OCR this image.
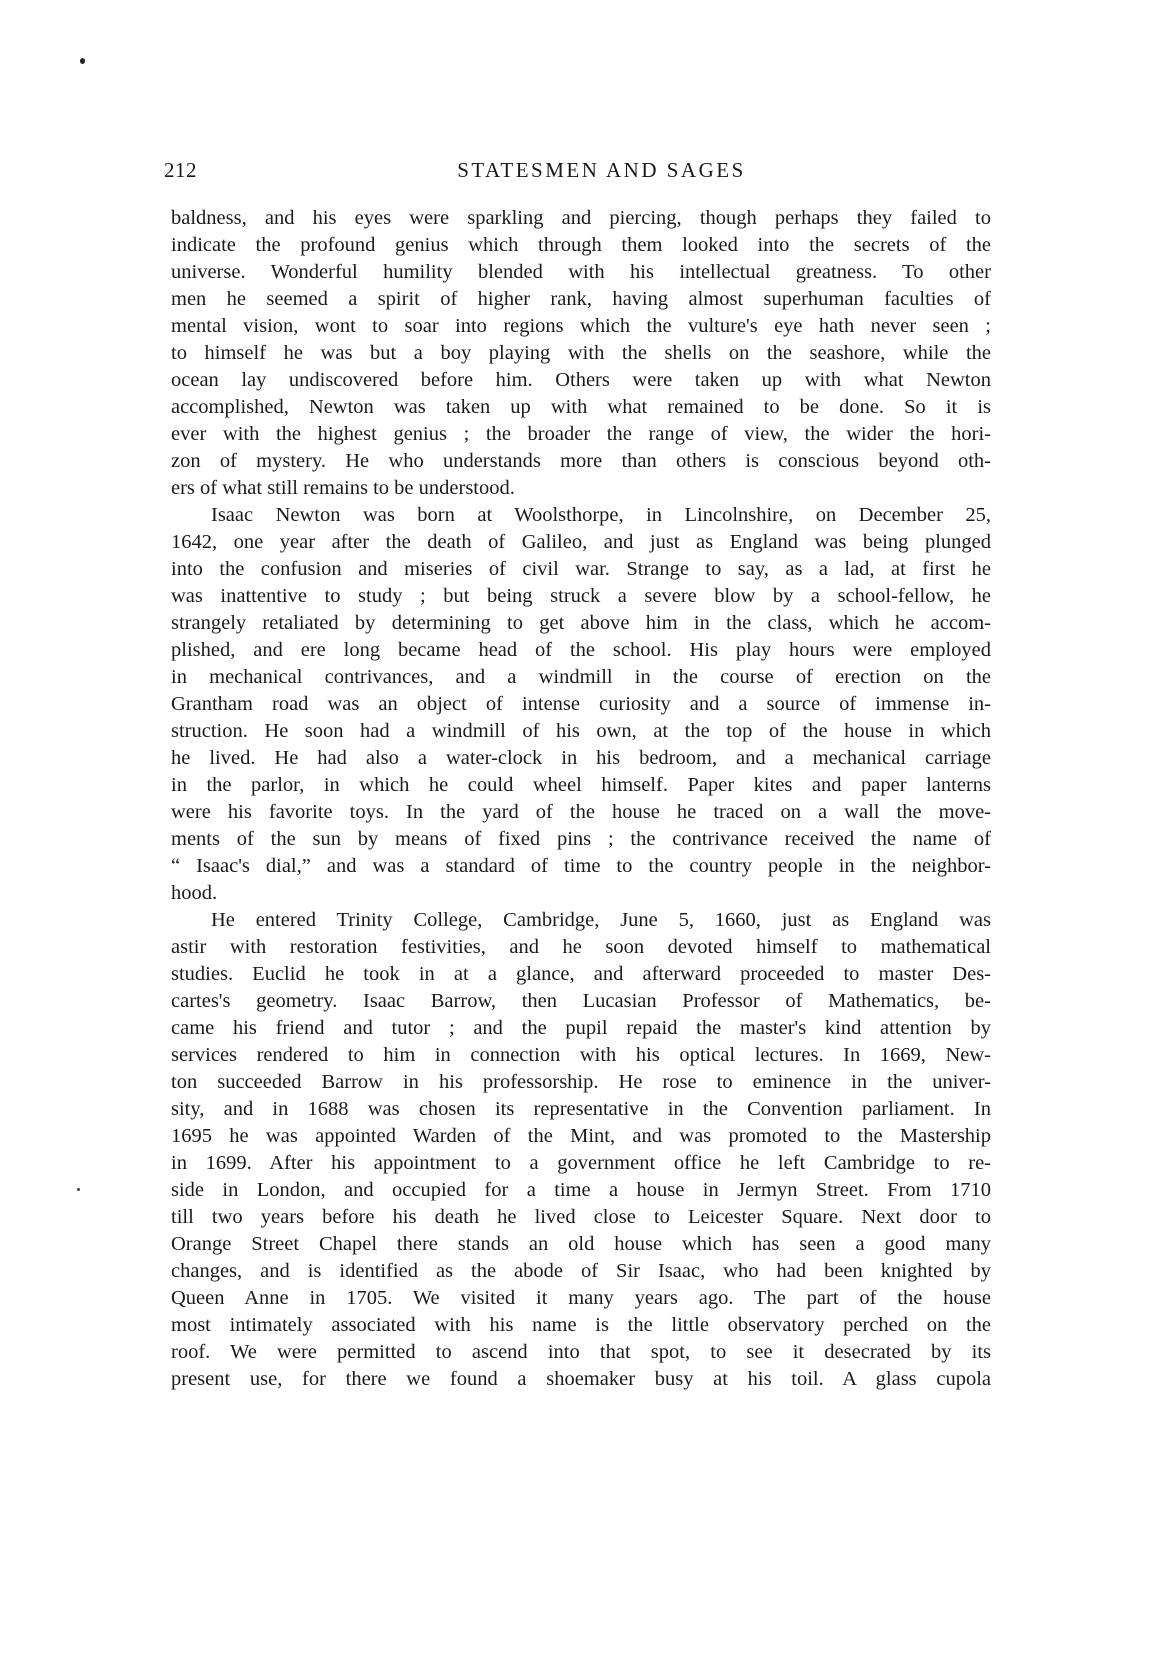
212	STATESMEN AND SAGES

baldness, and his eyes were sparkling and piercing, though perhaps they failed to
indicate the profound genius which through them looked into the secrets of the
universe. Wonderful humility blended with his intellectual greatness. To other
men he seemed a spirit of higher rank, having almost superhuman faculties of
mental vision, wont to soar into regions which the vulture's eye hath never seen ;
to himself he was but a boy playing with the shells on the seashore, while the
ocean lay undiscovered before him. Others were taken up with what Newton
accomplished, Newton was taken up with what remained to be done. So it is
ever with the highest genius ; the broader the range of view, the wider the hori-
zon of mystery. He who understands more than others is conscious beyond oth-
ers of what still remains to be understood.

Isaac Newton was born at Woolsthorpe, in Lincolnshire, on December 25,
1642, one year after the death of Galileo, and just as England was being plunged
into the confusion and miseries of civil war. Strange to say, as a lad, at first he
was inattentive to study ; but being struck a severe blow by a school-fellow, he
strangely retaliated by determining to get above him in the class, which he accom-
plished, and ere long became head of the school. His play hours were employed
in mechanical contrivances, and a windmill in the course of erection on the
Grantham road was an object of intense curiosity and a source of immense in-
struction. He soon had a windmill of his own, at the top of the house in which
he lived. He had also a water-clock in his bedroom, and a mechanical carriage
in the parlor, in which he could wheel himself. Paper kites and paper lanterns
were his favorite toys. In the yard of the house he traced on a wall the move-
ments of the sun by means of fixed pins ; the contrivance received the name of
“ Isaac's dial,” and was a standard of time to the country people in the neighbor-
hood.

He entered Trinity College, Cambridge, June 5, 1660, just as England was
astir with restoration festivities, and he soon devoted himself to mathematical
studies. Euclid he took in at a glance, and afterward proceeded to master Des-
cartes's geometry. Isaac Barrow, then Lucasian Professor of Mathematics, be-
came his friend and tutor ; and the pupil repaid the master's kind attention by
services rendered to him in connection with his optical lectures. In 1669, New-
ton succeeded Barrow in his professorship. He rose to eminence in the univer-
sity, and in 1688 was chosen its representative in the Convention parliament. In
1695 he was appointed Warden of the Mint, and was promoted to the Mastership
in 1699. After his appointment to a government office he left Cambridge to re-
side in London, and occupied for a time a house in Jermyn Street. From 1710
till two years before his death he lived close to Leicester Square. Next door to
Orange Street Chapel there stands an old house which has seen a good many
changes, and is identified as the abode of Sir Isaac, who had been knighted by
Queen Anne in 1705. We visited it many years ago. The part of the house
most intimately associated with his name is the little observatory perched on the
roof. We were permitted to ascend into that spot, to see it desecrated by its
present use, for there we found a shoemaker busy at his toil. A glass cupola
